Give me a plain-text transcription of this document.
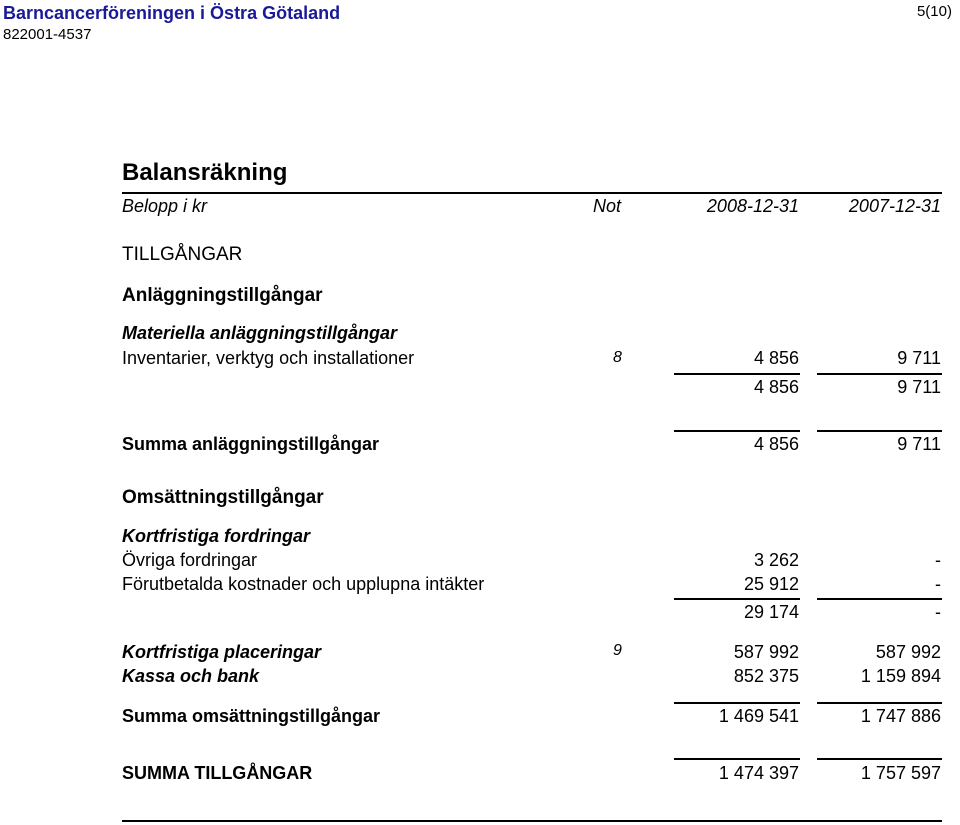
Barncancerföreningen i Östra Götaland
822001-4537
5(10)
Balansräkning
Belopp i kr	Not	2008-12-31	2007-12-31
TILLGÅNGAR
Anläggningstillgångar
Materiella anläggningstillgångar
Inventarier, verktyg och installationer	8	4 856	9 711
4 856	9 711
Summa anläggningstillgångar	4 856	9 711
Omsättningstillgångar
Kortfristiga fordringar
Övriga fordringar	3 262	-
Förutbetalda kostnader och upplupna intäkter	25 912	-
29 174	-
Kortfristiga placeringar	9	587 992	587 992
Kassa och bank	852 375	1 159 894
Summa omsättningstillgångar	1 469 541	1 747 886
SUMMA TILLGÅNGAR	1 474 397	1 757 597
